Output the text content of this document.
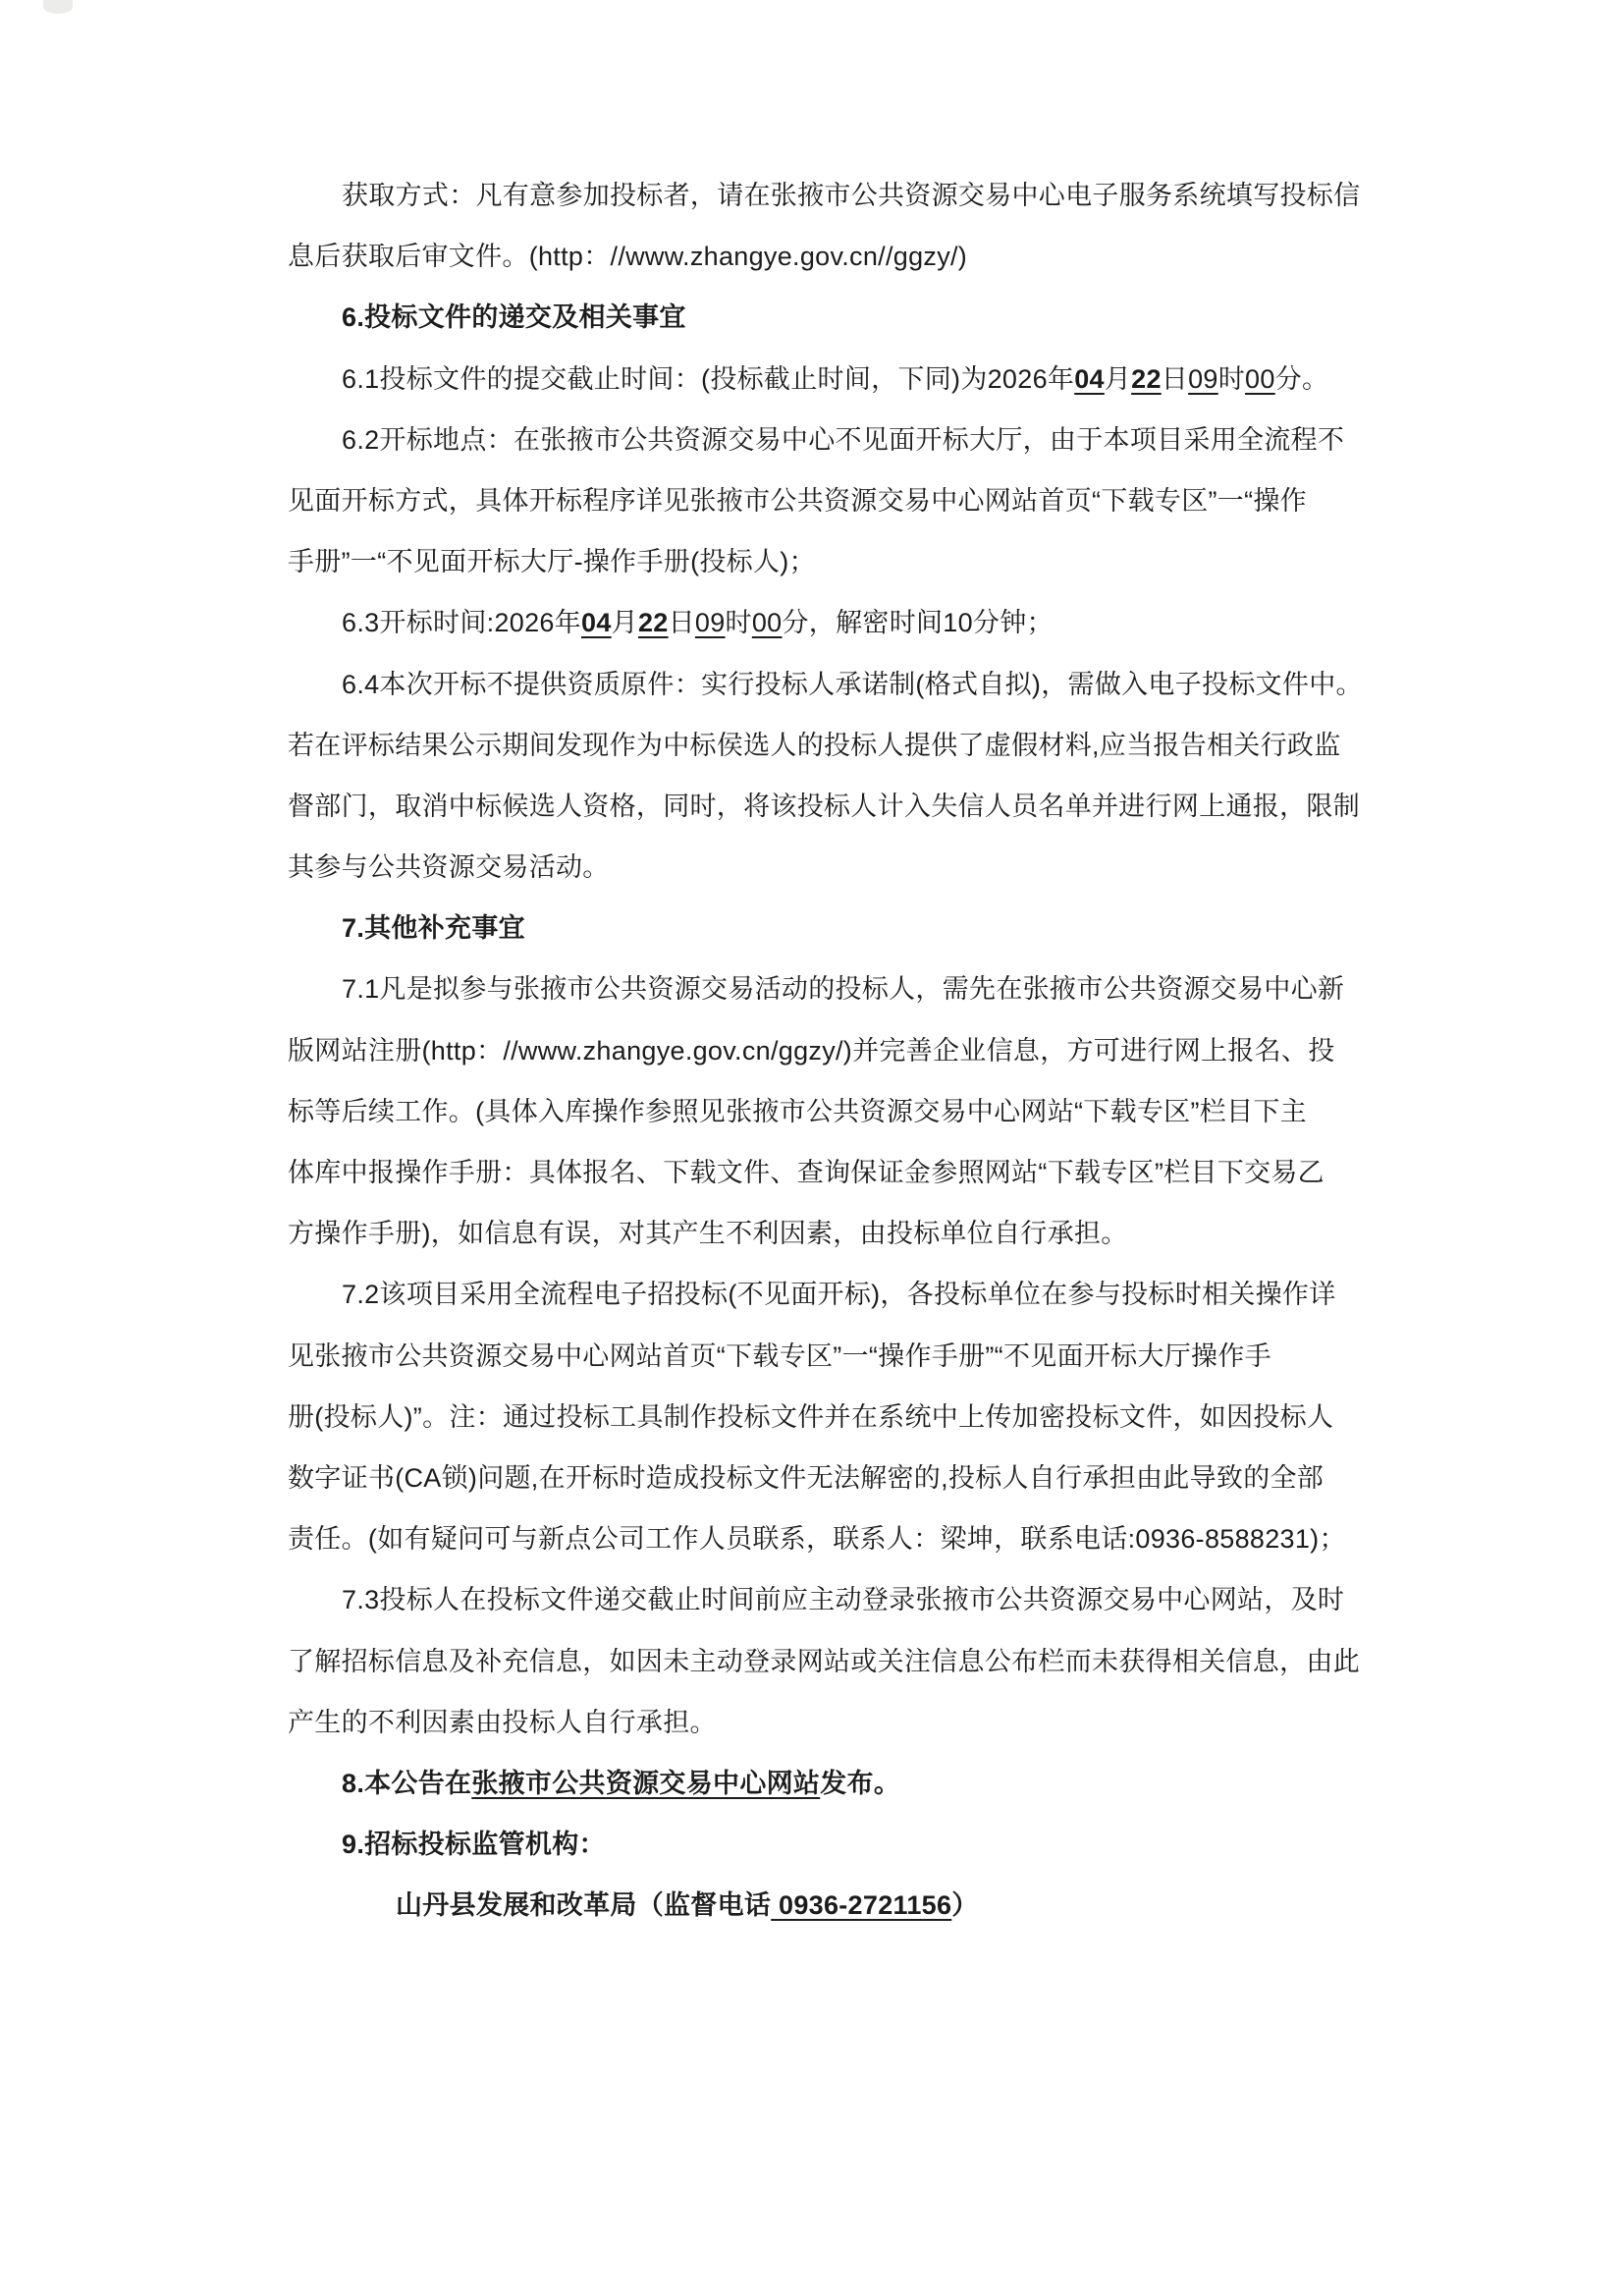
获取方式：凡有意参加投标者，请在张掖市公共资源交易中心电子服务系统填写投标信
息后获取后审文件。(http：//www.zhangye.gov.cn//ggzy/)
6.投标文件的递交及相关事宜
6.1投标文件的提交截止时间：(投标截止时间，下同)为2026年04月22日09时00分。
6.2开标地点：在张掖市公共资源交易中心不见面开标大厅，由于本项目采用全流程不
见面开标方式，具体开标程序详见张掖市公共资源交易中心网站首页“下载专区”一“操作
手册”一“不见面开标大厅-操作手册(投标人)；
6.3开标时间:2026年04月22日09时00分，解密时间10分钟；
6.4本次开标不提供资质原件：实行投标人承诺制(格式自拟)，需做入电子投标文件中。
若在评标结果公示期间发现作为中标侯选人的投标人提供了虚假材料,应当报告相关行政监
督部门，取消中标候选人资格，同时，将该投标人计入失信人员名单并进行网上通报，限制
其参与公共资源交易活动。
7.其他补充事宜
7.1凡是拟参与张掖市公共资源交易活动的投标人，需先在张掖市公共资源交易中心新
版网站注册(http：//www.zhangye.gov.cn/ggzy/)并完善企业信息，方可进行网上报名、投
标等后续工作。(具体入库操作参照见张掖市公共资源交易中心网站“下载专区”栏目下主
体库中报操作手册：具体报名、下载文件、查询保证金参照网站“下载专区”栏目下交易乙
方操作手册)，如信息有误，对其产生不利因素，由投标单位自行承担。
7.2该项目采用全流程电子招投标(不见面开标)，各投标单位在参与投标时相关操作详
见张掖市公共资源交易中心网站首页“下载专区”一“操作手册”“不见面开标大厅操作手
册(投标人)”。注：通过投标工具制作投标文件并在系统中上传加密投标文件，如因投标人
数字证书(CA锁)问题,在开标时造成投标文件无法解密的,投标人自行承担由此导致的全部
责任。(如有疑问可与新点公司工作人员联系，联系人：梁坤，联系电话:0936-8588231)；
7.3投标人在投标文件递交截止时间前应主动登录张掖市公共资源交易中心网站，及时
了解招标信息及补充信息，如因未主动登录网站或关注信息公布栏而未获得相关信息，由此
产生的不利因素由投标人自行承担。
8.本公告在张掖市公共资源交易中心网站发布。
9.招标投标监管机构：
山丹县发展和改革局（监督电话 0936-2721156）
